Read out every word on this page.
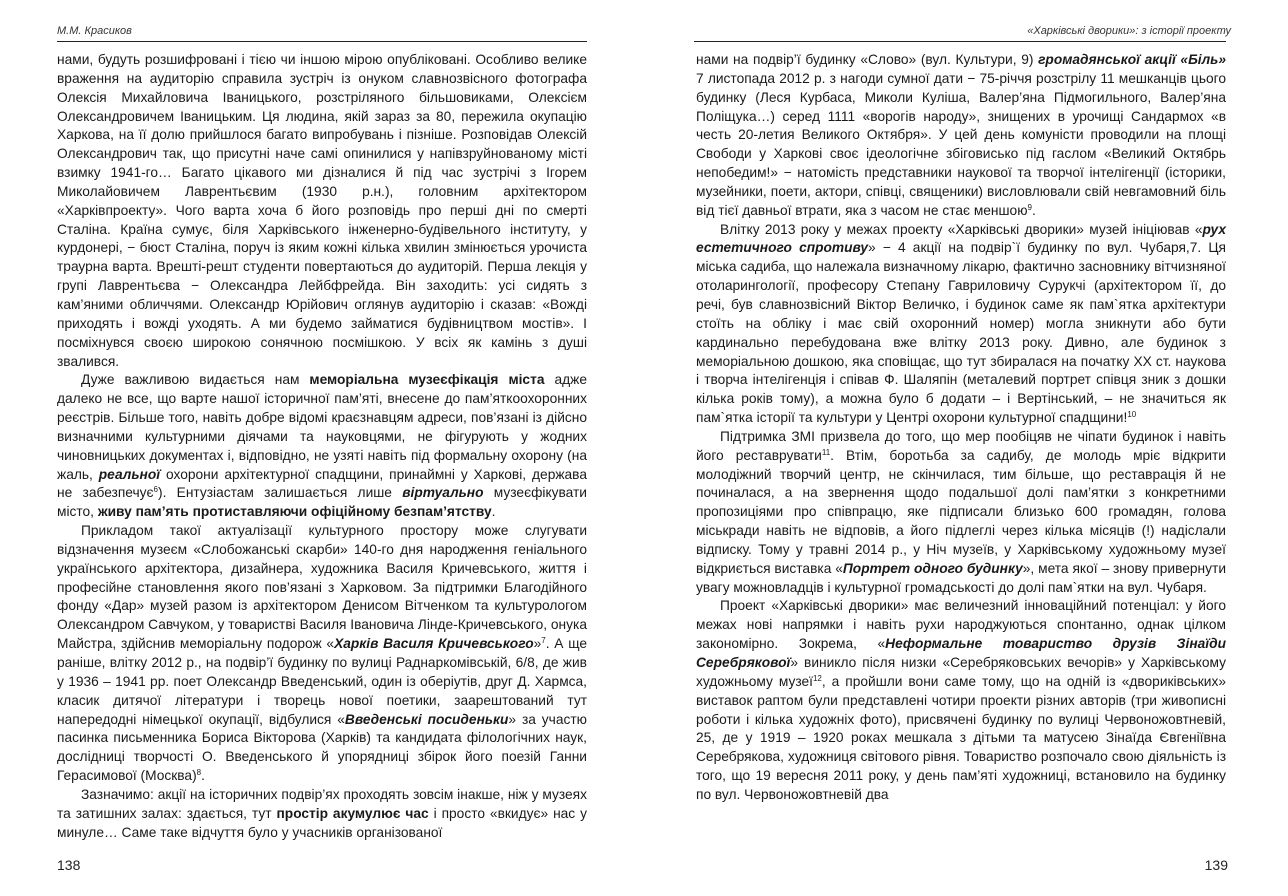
М.М. Красиков

нами, будуть розшифровані і тією чи іншою мірою опубліковані. Особливо велике враження на аудиторію справила зустріч із онуком славнозвісного фотографа Олексія Михайловича Іваницького, розстріляного більшовиками, Олексієм Олександровичем Іваницьким. Ця людина, якій зараз за 80, пережила окупацію Харкова, на її долю прийшлося багато випробувань і пізніше. Розповідав Олексій Олександрович так, що присутні наче самі опинилися у напівзруйнованому місті взимку 1941-го… Багато цікавого ми дізналися й під час зустрічі з Ігорем Миколайовичем Лаврентьєвим (1930 р.н.), головним архітектором «Харківпроекту». Чого варта хоча б його розповідь про перші дні по смерті Сталіна. Країна сумує, біля Харківського інженерно-будівельного інституту, у курдонері, − бюст Сталіна, поруч із яким кожні кілька хвилин змінюється урочиста траурна варта. Врешті-решт студенти повертаються до аудиторій. Перша лекція у групі Лаврентьєва − Олександра Лейбфрейда. Він заходить: усі сидять з кам’яними обличчями. Олександр Юрійович оглянув аудиторію і сказав: «Вожді приходять і вожді уходять. А ми будемо займатися будівництвом мостів». І посміхнувся своєю широкою сонячною посмішкою. У всіх як камінь з душі звалився.

Дуже важливою видається нам меморіальна музеєфікація міста адже далеко не все, що варте нашої історичної пам’яті, внесене до пам’яткоохоронних реєстрів. Більше того, навіть добре відомі краєзнавцям адреси, пов’язані із дійсно визначними культурними діячами та науковцями, не фігурують у жодних чиновницьких документах і, відповідно, не узяті навіть під формальну охорону (на жаль, реальної охорони архітектурної спадщини, принаймні у Харкові, держава не забезпечує$^6$). Ентузіастам залишається лише віртуально музеєфікувати місто, живу пам’ять протиставляючи офіційному безпам’ятству.

Прикладом такої актуалізації культурного простору може слугувати відзначення музеєм «Слобожанські скарби» 140-го дня народження геніального українського архітектора, дизайнера, художника Василя Кричевського, життя і професійне становлення якого пов’язані з Харковом. За підтримки Благодійного фонду «Дар» музей разом із архітектором Денисом Вітченком та культурологом Олександром Савчуком, у товаристві Василя Івановича Лінде-Кричевського, онука Майстра, здійснив меморіальну подорож «Харків Василя Кричевського»$^7$. А ще раніше, влітку 2012 р., на подвір’ї будинку по вулиці Раднаркомівській, 6/8, де жив у 1936 – 1941 рр. поет Олександр Введенський, один із оберіутів, друг Д. Хармса, класик дитячої літератури і творець нової поетики, заарештований тут напередодні німецької окупації, відбулися «Введенські посиденьки» за участю пасинка письменника Бориса Вікторова (Харків) та кандидата філологічних наук, дослідниці творчості О. Введенського й упорядниці збірок його поезій Ганни Герасимової (Москва)$^8$.

Зазначимо: акції на історичних подвір’ях проходять зовсім інакше, ніж у музеях та затишних залах: здається, тут простір акумулює час і просто «вкидує» нас у минуле… Саме таке відчуття було у учасників організованої

138
«Харківські дворики»: з історії проекту

нами на подвір’ї будинку «Слово» (вул. Культури, 9) громадянської акції «Біль» 7 листопада 2012 р. з нагоди сумної дати − 75-річчя розстрілу 11 мешканців цього будинку (Леся Курбаса, Миколи Куліша, Валер’яна Підмогильного, Валер’яна Поліщука…) серед 1111 «ворогів народу», знищених в урочищі Сандармох «в честь 20-летия Великого Октября». У цей день комуністи проводили на площі Свободи у Харкові своє ідеологічне збіговисько під гаслом «Великий Октябрь непобедим!» − натомість представники наукової та творчої інтелігенції (історики, музейники, поети, актори, співці, священики) висловлювали свій невгамовний біль від тієї давньої втрати, яка з часом не стає меншою$^9$.

Влітку 2013 року у межах проекту «Харківські дворики» музей ініціював «рух естетичного спротиву» − 4 акції на подвір`ї будинку по вул. Чубаря,7. Ця міська садиба, що належала визначному лікарю, фактично засновнику вітчизняної отоларингології, професору Степану Гавриловичу Сурукчі (архітектором її, до речі, був славнозвісний Віктор Величко, і будинок саме як пам`ятка архітектури стоїть на обліку і має свій охоронний номер) могла зникнути або бути кардинально перебудована вже влітку 2013 року. Дивно, але будинок з меморіальною дошкою, яка сповіщає, що тут збиралася на початку ХХ ст. наукова і творча інтелігенція і співав Ф. Шаляпін (металевий портрет співця зник з дошки кілька років тому), а можна було б додати – і Вертінський, – не значиться як пам`ятка історії та культури у Центрі охорони культурної спадщини!$^{10}$

Підтримка ЗМІ призвела до того, що мер пообіцяв не чіпати будинок і навіть його реставрувати$^{11}$. Втім, боротьба за садибу, де молодь мріє відкрити молодіжний творчий центр, не скінчилася, тим більше, що реставрація й не починалася, а на звернення щодо подальшої долі пам’ятки з конкретними пропозиціями про співпрацю, яке підписали близько 600 громадян, голова міськради навіть не відповів, а його підлеглі через кілька місяців (!) надіслали відписку. Тому у травні 2014 р., у Ніч музеїв, у Харківському художньому музеї відкриється виставка «Портрет одного будинку», мета якої – знову привернути увагу можновладців і культурної громадськості до долі пам`ятки на вул. Чубаря.

Проект «Харківські дворики» має величезний інноваційний потенціал: у його межах нові напрямки і навіть рухи народжуються спонтанно, однак цілком закономірно. Зокрема, «Неформальне товариство друзів Зінаїди Серебрякової» виникло після низки «Серебряковських вечорів» у Харківському художньому музеї$^{12}$, а пройшли вони саме тому, що на одній із «двориківських» виставок раптом були представлені чотири проекти різних авторів (три живописні роботи і кілька художніх фото), присвячені будинку по вулиці Червоножовтневій, 25, де у 1919 – 1920 роках мешкала з дітьми та матусею Зінаїда Євгеніївна Серебрякова, художниця світового рівня. Товариство розпочало свою діяльність із того, що 19 вересня 2011 року, у день пам’яті художниці, встановило на будинку по вул. Червоножовтневій два

139
